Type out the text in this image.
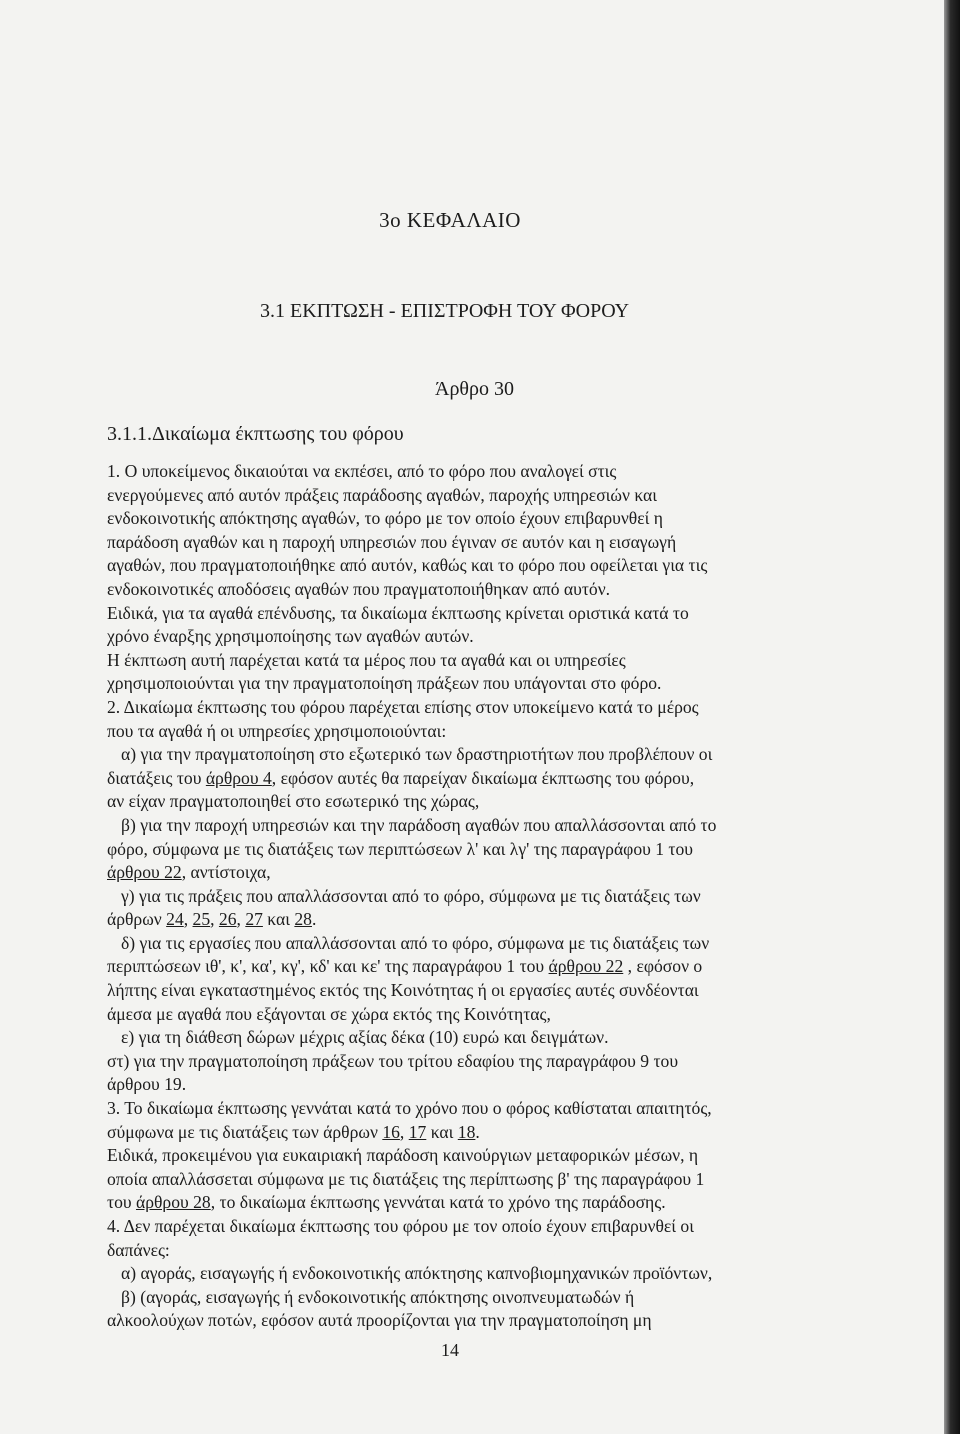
3ο ΚΕΦΑΛΑΙΟ
3.1 ΕΚΠΤΩΣΗ - ΕΠΙΣΤΡΟΦΗ ΤΟΥ ΦΟΡΟΥ
Άρθρο 30
3.1.1.Δικαίωμα έκπτωσης του φόρου

1. Ο υποκείμενος δικαιούται να εκπέσει, από το φόρο που αναλογεί στις

ενεργούμενες από αυτόν πράξεις παράδοσης αγαθών, παροχής υπηρεσιών και

ενδοκοινοτικής απόκτησης αγαθών, το φόρο με τον οποίο έχουν επιβαρυνθεί η

παράδοση αγαθών και η παροχή υπηρεσιών που έγιναν σε αυτόν και η εισαγωγή

αγαθών, που πραγματοποιήθηκε από αυτόν, καθώς και το φόρο που οφείλεται για τις

ενδοκοινοτικές αποδόσεις αγαθών που πραγματοποιήθηκαν από αυτόν.

Ειδικά, για τα αγαθά επένδυσης, τα δικαίωμα έκπτωσης κρίνεται οριστικά κατά το

χρόνο έναρξης χρησιμοποίησης των αγαθών αυτών.

Η έκπτωση αυτή παρέχεται κατά τα μέρος που τα αγαθά και οι υπηρεσίες

χρησιμοποιούνται για την πραγματοποίηση πράξεων που υπάγονται στο φόρο.

2. Δικαίωμα έκπτωσης του φόρου παρέχεται επίσης στον υποκείμενο κατά το μέρος

που τα αγαθά ή οι υπηρεσίες χρησιμοποιούνται:

α) για την πραγματοποίηση στο εξωτερικό των δραστηριοτήτων που προβλέπουν οι

διατάξεις του άρθρου 4, εφόσον αυτές θα παρείχαν δικαίωμα έκπτωσης του φόρου,

αν είχαν πραγματοποιηθεί στο εσωτερικό της χώρας,

β) για την παροχή υπηρεσιών και την παράδοση αγαθών που απαλλάσσονται από το

φόρο, σύμφωνα με τις διατάξεις των περιπτώσεων λ' και λγ' της παραγράφου 1 του

άρθρου 22, αντίστοιχα,

γ) για τις πράξεις που απαλλάσσονται από το φόρο, σύμφωνα με τις διατάξεις των

άρθρων 24, 25, 26, 27 και 28.

δ) για τις εργασίες που απαλλάσσονται από το φόρο, σύμφωνα με τις διατάξεις των

περιπτώσεων ιθ', κ', κα', κγ', κδ' και κε' της παραγράφου 1 του άρθρου 22 , εφόσον ο

λήπτης είναι εγκαταστημένος εκτός της Κοινότητας ή οι εργασίες αυτές συνδέονται

άμεσα με αγαθά που εξάγονται σε χώρα εκτός της Κοινότητας,

ε) για τη διάθεση δώρων μέχρις αξίας δέκα (10) ευρώ και δειγμάτων.

στ) για την πραγματοποίηση πράξεων του τρίτου εδαφίου της παραγράφου 9 του

άρθρου 19.

3. Το δικαίωμα έκπτωσης γεννάται κατά το χρόνο που ο φόρος καθίσταται απαιτητός,

σύμφωνα με τις διατάξεις των άρθρων 16, 17 και 18.

Ειδικά, προκειμένου για ευκαιριακή παράδοση καινούργιων μεταφορικών μέσων, η

οποία απαλλάσσεται σύμφωνα με τις διατάξεις της περίπτωσης β' της παραγράφου 1

του άρθρου 28, το δικαίωμα έκπτωσης γεννάται κατά το χρόνο της παράδοσης.

4. Δεν παρέχεται δικαίωμα έκπτωσης του φόρου με τον οποίο έχουν επιβαρυνθεί οι

δαπάνες:

α) αγοράς, εισαγωγής ή ενδοκοινοτικής απόκτησης καπνοβιομηχανικών προϊόντων,

β) (αγοράς, εισαγωγής ή ενδοκοινοτικής απόκτησης οινοπνευματωδών ή

αλκοολούχων ποτών, εφόσον αυτά προορίζονται για την πραγματοποίηση μη

14
